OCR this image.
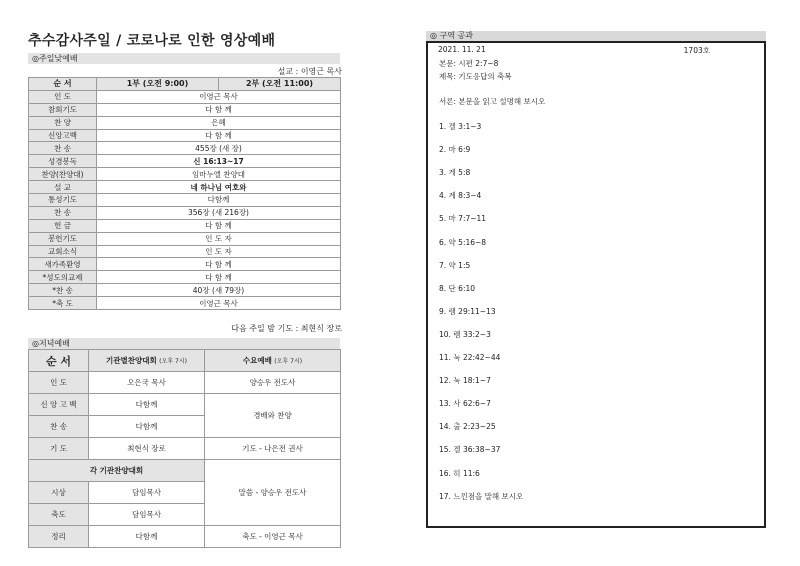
추수감사주일 / 코로나로 인한 영상예배
◎주일낮예배
설교 : 이영근 목사
순 서	1부 (오전 9:00)	2부 (오전 11:00)
인 도	이영근 목사	
참회기도	다 함 께	
찬 양	은혜	
신앙고백	다 함 께	
찬 송	455장 (새 장)	
성경봉독	신 16:13~17	
찬양(찬양대)	임마누엘 찬양대	
설 교	네 하나님 여호와	
통성기도	다함께	
찬 송	356장 (새 216장)	
헌 금	다 함 께	
봉헌기도	인 도 자	
교회소식	인 도 자	
새가족환영	다 함 께	
*성도의교제	다 함 께	
*찬 송	40장 (새 79장)	
*축 도	이영근 목사	
다음 주일 밤 기도 : 최현식 장로
◎저녁예배
순 서	기관별찬양대회 (오후 7시)	수요예배 (오후 7시)
인 도	오은국 목사	양승우 전도사
신 앙 고 백	다함께	경배와 찬양
찬 송	다함께	
기 도	최현식 장로	기도 - 나은전 권사
각 기관찬양대회		말씀 - 양승우 전도사
시상	담임목사	
축도	담임목사	
정리	다함께	축도 - 이영근 목사
◎ 구역 공과
2021. 11. 21	1703호
본문: 시편 2:7~8
제목: 기도응답의 축복
서론: 본문을 읽고 설명해 보시오
1. 겔 3:1~3
2. 마 6:9
3. 게 5:8
4. 계 8:3~4
5. 마 7:7~11
6. 약 5:16~8
7. 약 1:5
8. 단 6:10
9. 렘 29:11~13
10. 렘 33:2~3
11. 눅 22:42~44
12. 눅 18:1~7
13. 사 62:6~7
14. 출 2:23~25
15. 겔 36:38~37
16. 히 11:6
17. 느낀점을 말해 보시오
